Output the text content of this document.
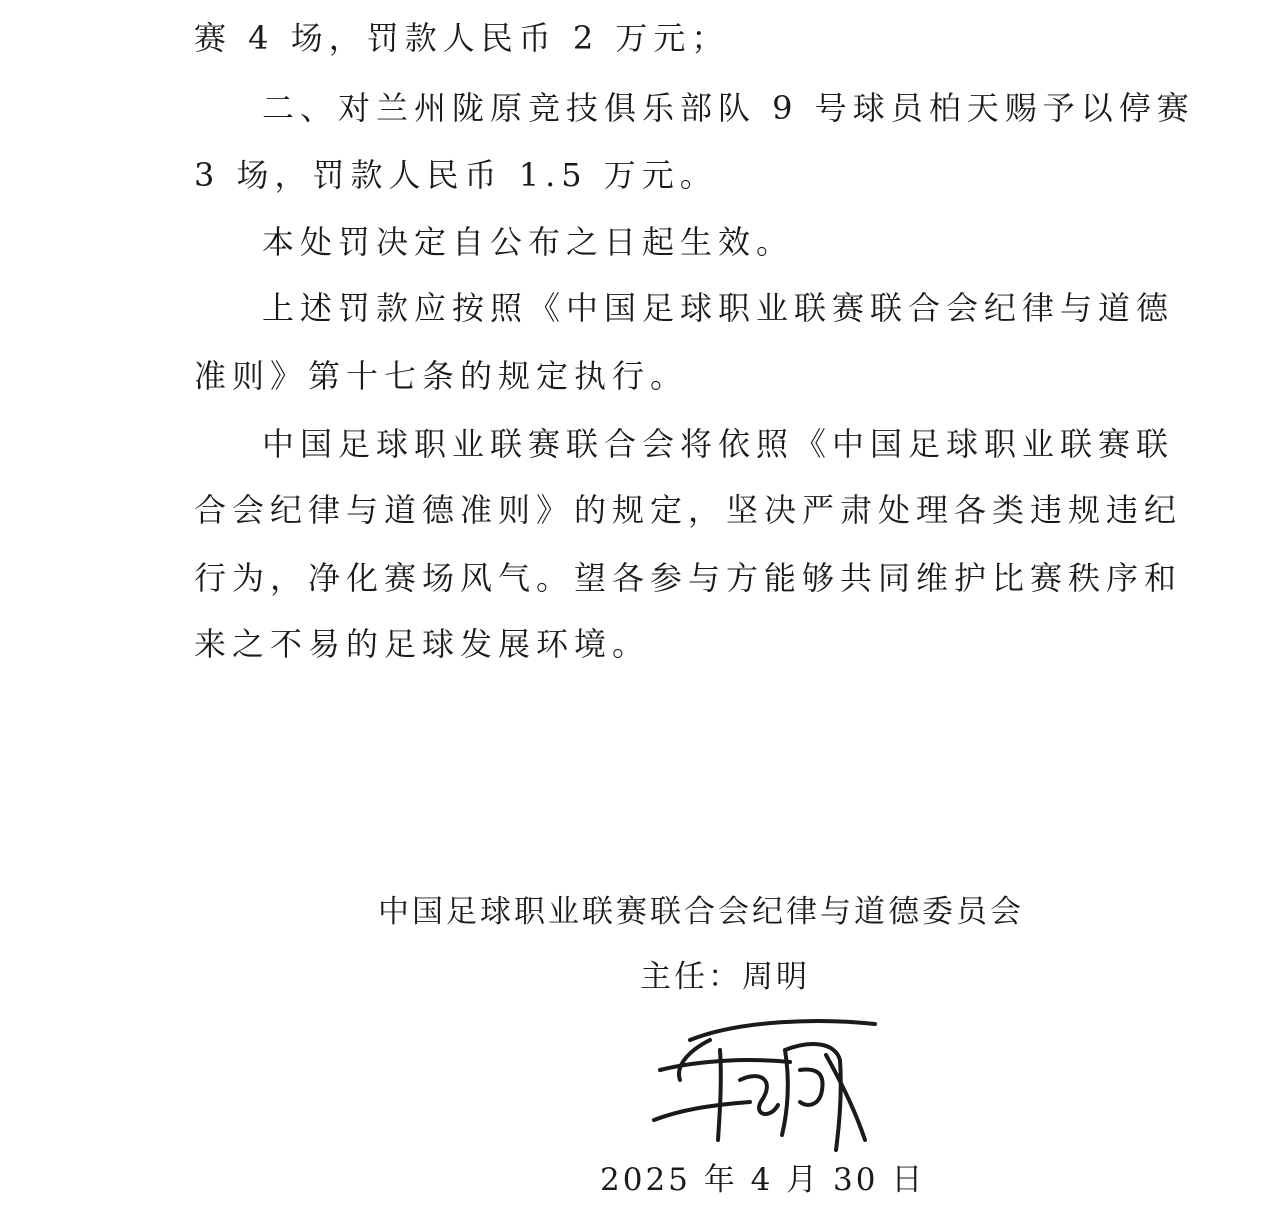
赛 4 场，罚款人民币 2 万元；
二、对兰州陇原竞技俱乐部队 9 号球员柏天赐予以停赛
3 场，罚款人民币 1.5 万元。
本处罚决定自公布之日起生效。
上述罚款应按照《中国足球职业联赛联合会纪律与道德
准则》第十七条的规定执行。
中国足球职业联赛联合会将依照《中国足球职业联赛联
合会纪律与道德准则》的规定，坚决严肃处理各类违规违纪
行为，净化赛场风气。望各参与方能够共同维护比赛秩序和
来之不易的足球发展环境。
中国足球职业联赛联合会纪律与道德委员会
主任：周明
2025 年 4 月 30 日
